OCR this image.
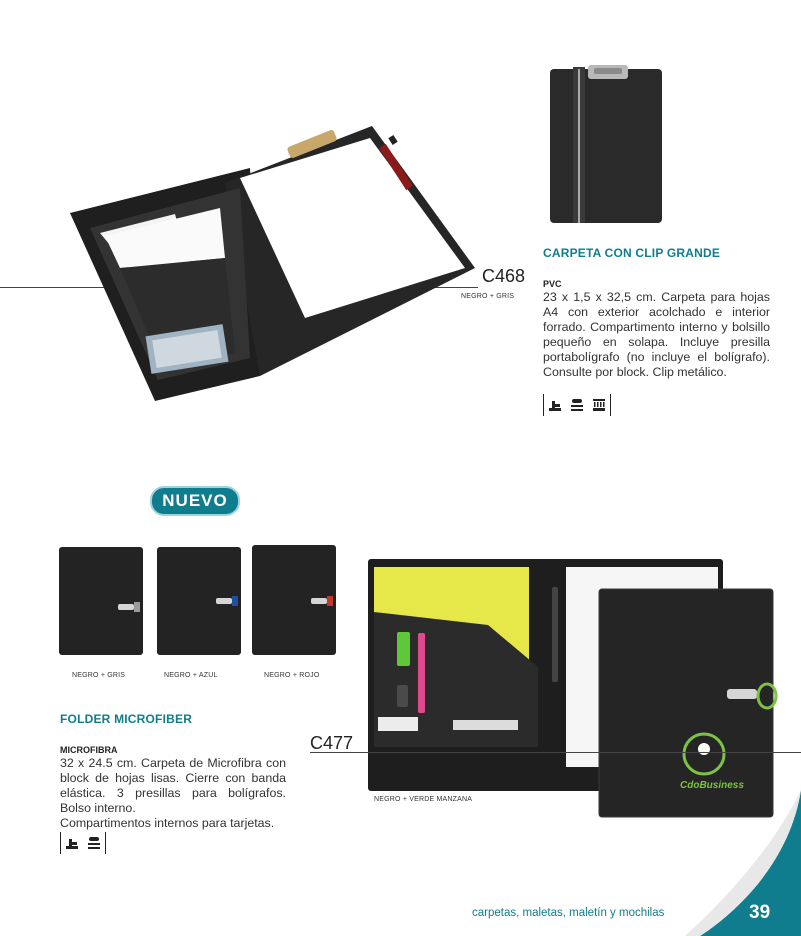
C468
NEGRO + GRIS
CARPETA CON CLIP GRANDE
PVC
23 x 1,5 x 32,5 cm. Carpeta para hojas A4 con exterior acolchado e interior forrado. Compartimento interno y bolsillo pequeño en solapa. Incluye presilla portabolígrafo (no incluye el bolígrafo). Consulte por block. Clip metálico.
NUEVO
NEGRO + GRIS	NEGRO + AZUL	NEGRO + ROJO
CdoBusiness
C477
NEGRO + VERDE MANZANA
FOLDER MICROFIBER
MICROFIBRA
32 x 24.5 cm. Carpeta de Microfibra con block de hojas lisas. Cierre con banda elástica. 3 presillas para bolígrafos. Bolso interno.
Compartimentos internos para tarjetas.
carpetas, maletas, maletín y mochilas	39
